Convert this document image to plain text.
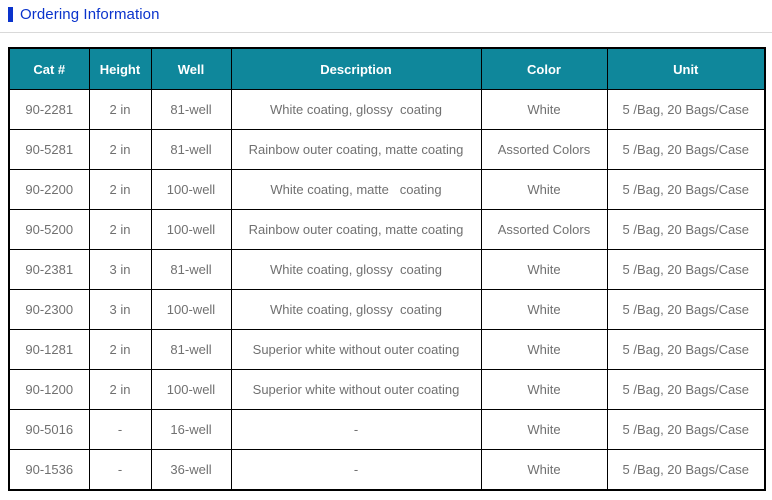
Ordering Information
Cat #	Height	Well	Description	Color	Unit
90-2281	2 in	81-well	White coating, glossy  coating	White	5 /Bag, 20 Bags/Case
90-5281	2 in	81-well	Rainbow outer coating, matte coating	Assorted Colors	5 /Bag, 20 Bags/Case
90-2200	2 in	100-well	White coating, matte   coating	White	5 /Bag, 20 Bags/Case
90-5200	2 in	100-well	Rainbow outer coating, matte coating	Assorted Colors	5 /Bag, 20 Bags/Case
90-2381	3 in	81-well	White coating, glossy  coating	White	5 /Bag, 20 Bags/Case
90-2300	3 in	100-well	White coating, glossy  coating	White	5 /Bag, 20 Bags/Case
90-1281	2 in	81-well	Superior white without outer coating	White	5 /Bag, 20 Bags/Case
90-1200	2 in	100-well	Superior white without outer coating	White	5 /Bag, 20 Bags/Case
90-5016	-	16-well	-	White	5 /Bag, 20 Bags/Case
90-1536	-	36-well	-	White	5 /Bag, 20 Bags/Case
